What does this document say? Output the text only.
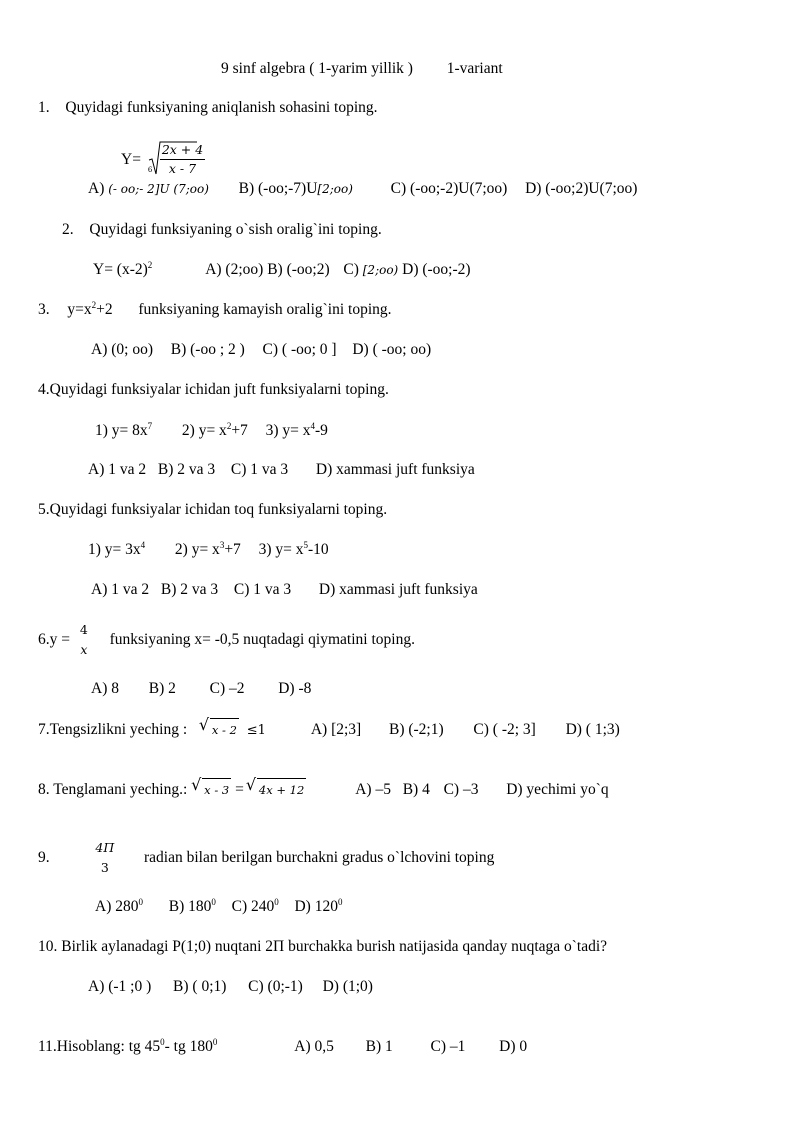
9 sinf algebra ( 1-yarim yillik ) 1-variant
1. Quyidagi funksiyaning aniqlanish sohasini toping.
Y=
$6 \frac{2x + 4}{x - 7}$
A) (- oo;- 2]U (7;oo) B) (-oo;-7)U[2;oo) C) (-oo;-2)U(7;oo) D) (-oo;2)U(7;oo)
2. Quyidagi funksiyaning o`sish oralig`ini toping.
$Y= (x-2)^2$	A) (2;oo) B) (-oo;2) C) [2;oo) D) (-oo;-2)
3. $y=x^2+2$ funksiyaning kamayish oralig`ini toping.
A) (0; oo) B) (-oo ; 2 ) C) ( -oo; 0 ] D) ( -oo; oo)
4.Quyidagi funksiyalar ichidan juft funksiyalarni toping.
1) $y= 8x^7$ 2) $y= x^2+7$ 3) $y= x^4-9$
A) 1 va 2 B) 2 va 3 C) 1 va 3 D) xammasi juft funksiya
5.Quyidagi funksiyalar ichidan toq funksiyalarni toping.
1) $y= 3x^4$ 2) $y= x^3+7$ 3) $y= x^5-10$
A) 1 va 2 B) 2 va 3 C) 1 va 3 D) xammasi juft funksiya
6.y =
4
x
funksiyaning x= -0,5 nuqtadagi qiymatini toping.
A) 8 B) 2 C) –2 D) -8
7.Tengsizlikni yeching : √ x - 2 ≤1	A) [2;3] B) (-2;1) C) ( -2; 3] D) ( 1;3)
8. Tenglamani yeching.: √ x - 3 = √ 4x + 12	A) –5 B) 4 C) –3 D) yechimi yo`q
9.
4Π
3
radian bilan berilgan burchakni gradus o`lchovini toping
A) $280^0$ B) $180^0$ C) $240^0$ D) $120^0$
10. Birlik aylanadagi P(1;0) nuqtani 2Π burchakka burish natijasida qanday nuqtaga o`tadi?
A) (-1 ;0 ) B) ( 0;1) C) (0;-1) D) (1;0)
11.Hisoblang: tg $45^0-$ tg $180^0$	A) 0,5 B) 1 C) –1 D) 0
